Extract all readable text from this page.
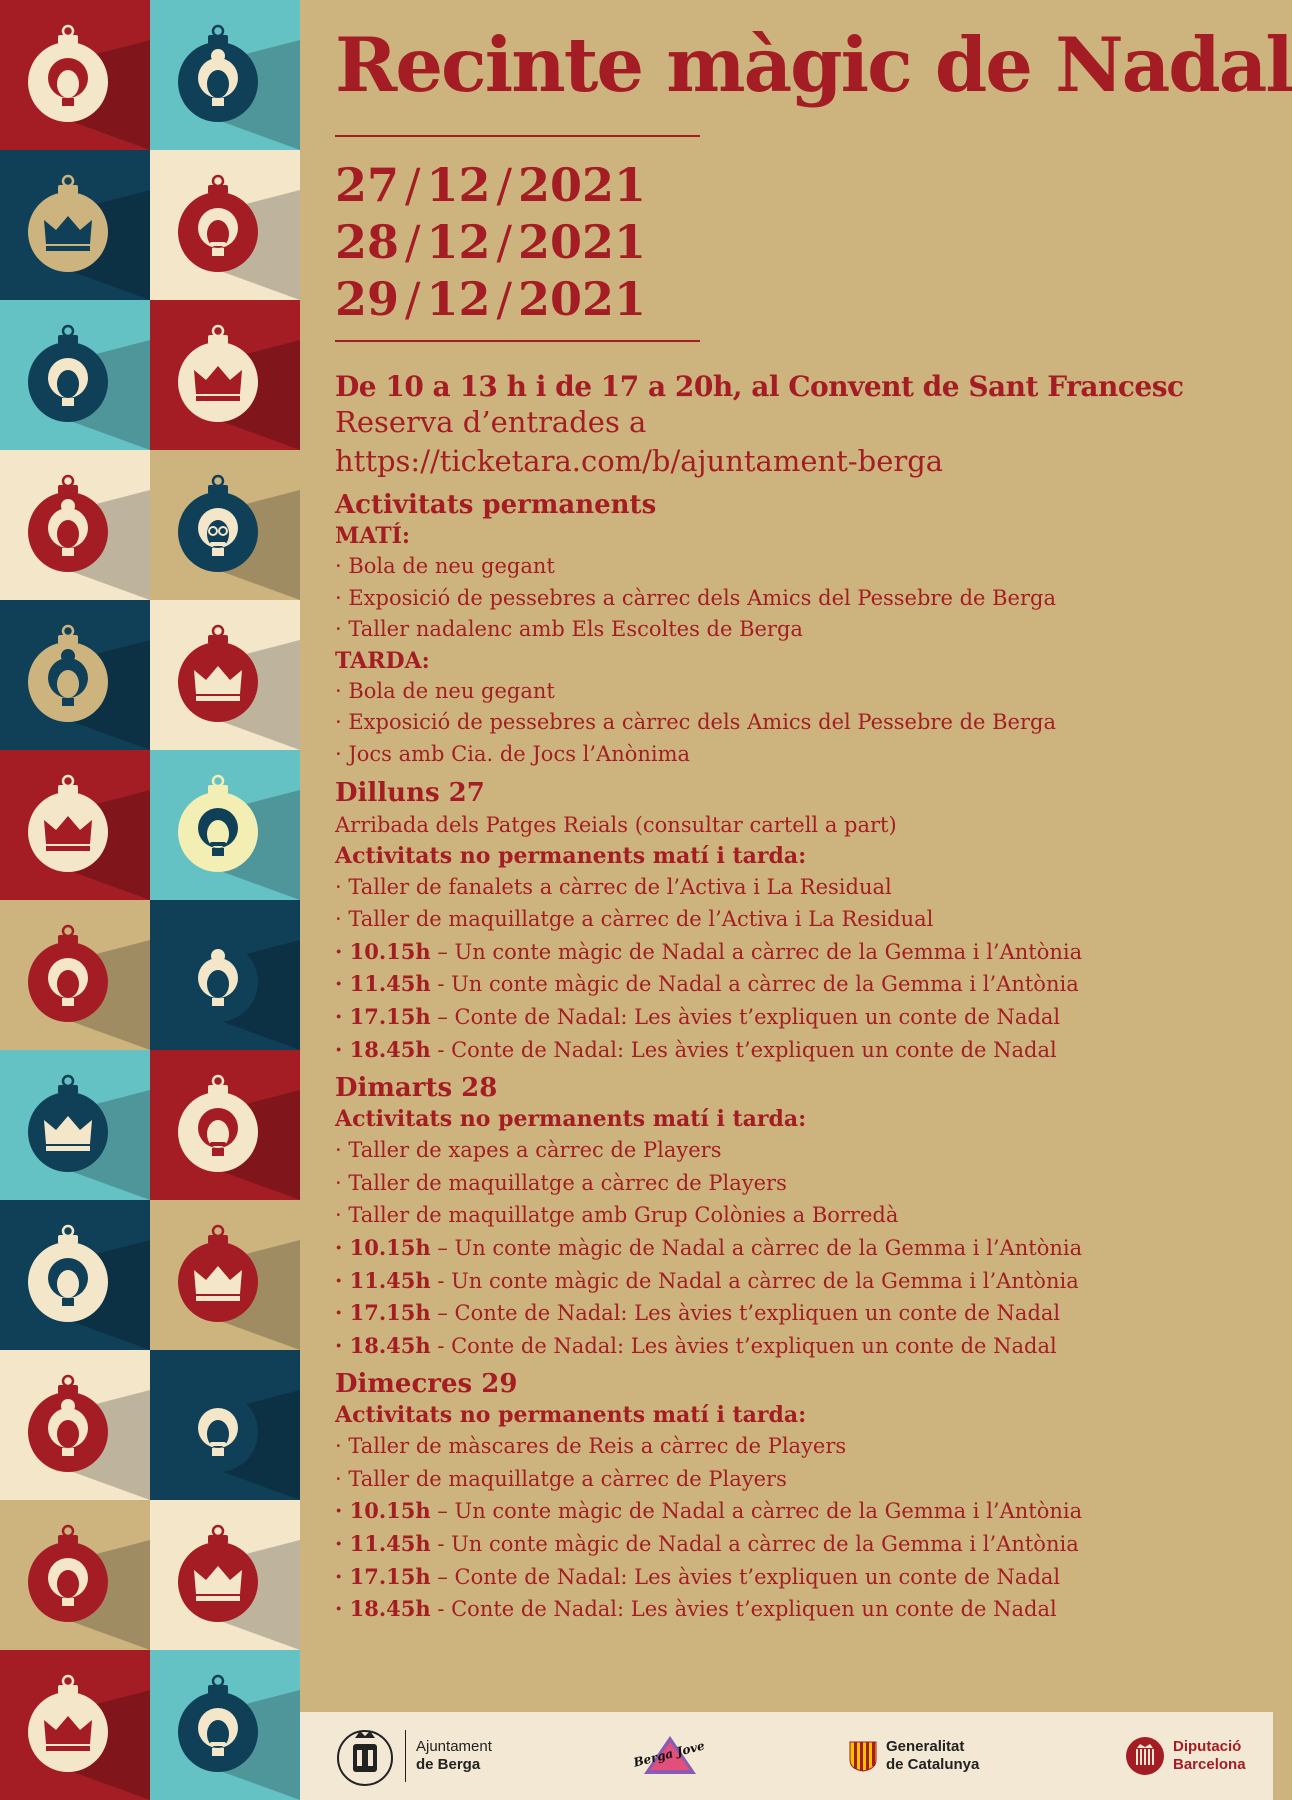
Recinte màgic de Nadal
27 / 12 / 2021
28 / 12 / 2021
29 / 12 / 2021
De 10 a 13 h i de 17 a 20h, al Convent de Sant Francesc
Reserva d’entrades a
https://ticketara.com/b/ajuntament-berga
Activitats permanents
MATÍ:
· Bola de neu gegant
· Exposició de pessebres a càrrec dels Amics del Pessebre de Berga
· Taller nadalenc amb Els Escoltes de Berga
TARDA:
· Bola de neu gegant
· Exposició de pessebres a càrrec dels Amics del Pessebre de Berga
· Jocs amb Cia. de Jocs l’Anònima
Dilluns 27
Arribada dels Patges Reials (consultar cartell a part)
Activitats no permanents matí i tarda:
· Taller de fanalets a càrrec de l’Activa i La Residual
· Taller de maquillatge a càrrec de l’Activa i La Residual
· 10.15h – Un conte màgic de Nadal a càrrec de la Gemma i l’Antònia
· 11.45h - Un conte màgic de Nadal a càrrec de la Gemma i l’Antònia
· 17.15h – Conte de Nadal: Les àvies t’expliquen un conte de Nadal
· 18.45h - Conte de Nadal: Les àvies t’expliquen un conte de Nadal
Dimarts 28
Activitats no permanents matí i tarda:
· Taller de xapes a càrrec de Players
· Taller de maquillatge a càrrec de Players
· Taller de maquillatge amb Grup Colònies a Borredà
· 10.15h – Un conte màgic de Nadal a càrrec de la Gemma i l’Antònia
· 11.45h - Un conte màgic de Nadal a càrrec de la Gemma i l’Antònia
· 17.15h – Conte de Nadal: Les àvies t’expliquen un conte de Nadal
· 18.45h - Conte de Nadal: Les àvies t’expliquen un conte de Nadal
Dimecres 29
Activitats no permanents matí i tarda:
· Taller de màscares de Reis a càrrec de Players
· Taller de maquillatge a càrrec de Players
· 10.15h – Un conte màgic de Nadal a càrrec de la Gemma i l’Antònia
· 11.45h - Un conte màgic de Nadal a càrrec de la Gemma i l’Antònia
· 17.15h – Conte de Nadal: Les àvies t’expliquen un conte de Nadal
· 18.45h - Conte de Nadal: Les àvies t’expliquen un conte de Nadal
Ajuntament
de Berga	Berga Jove	Generalitat
de Catalunya
Diputació
Barcelona
